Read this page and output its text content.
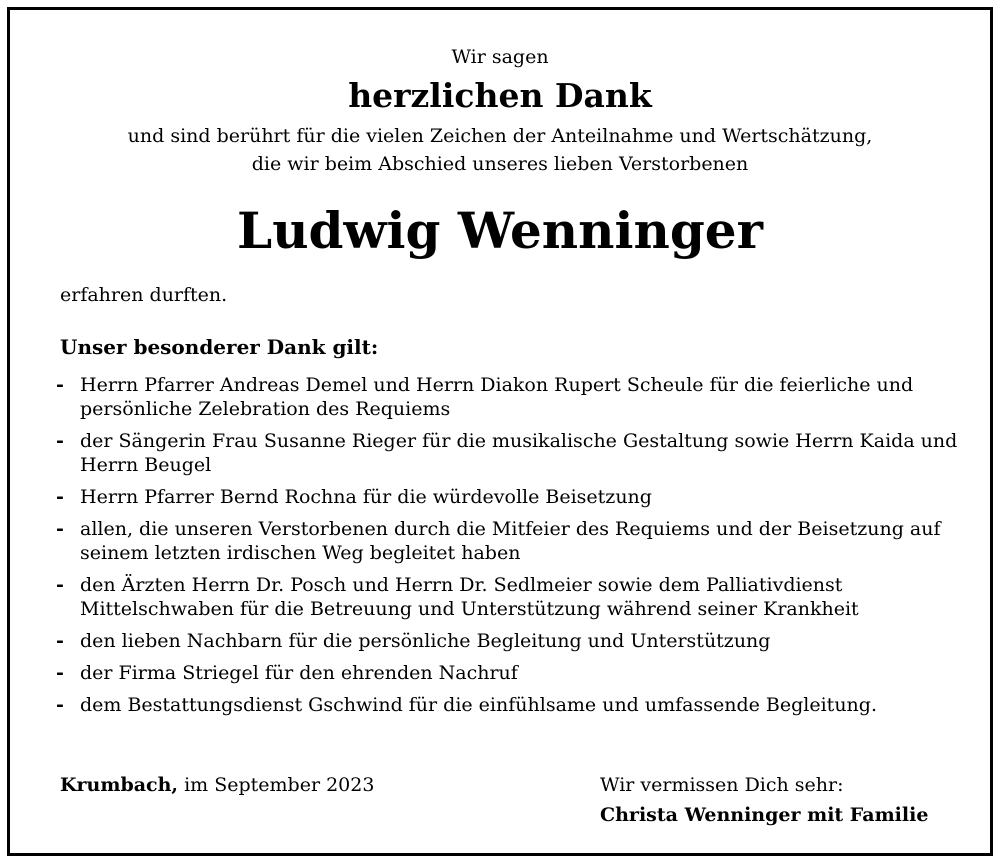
Wir sagen
herzlichen Dank
und sind berührt für die vielen Zeichen der Anteilnahme und Wertschätzung,
die wir beim Abschied unseres lieben Verstorbenen
Ludwig Wenninger
erfahren durften.
Unser besonderer Dank gilt:
- Herrn Pfarrer Andreas Demel und Herrn Diakon Rupert Scheule für die feierliche und persönliche Zelebration des Requiems
- der Sängerin Frau Susanne Rieger für die musikalische Gestaltung sowie Herrn Kaida und Herrn Beugel
- Herrn Pfarrer Bernd Rochna für die würdevolle Beisetzung
- allen, die unseren Verstorbenen durch die Mitfeier des Requiems und der Beisetzung auf seinem letzten irdischen Weg begleitet haben
- den Ärzten Herrn Dr. Posch und Herrn Dr. Sedlmeier sowie dem Palliativdienst Mittelschwaben für die Betreuung und Unterstützung während seiner Krankheit
- den lieben Nachbarn für die persönliche Begleitung und Unterstützung
- der Firma Striegel für den ehrenden Nachruf
- dem Bestattungsdienst Gschwind für die einfühlsame und umfassende Begleitung.
Krumbach, im September 2023	Wir vermissen Dich sehr:
Christa Wenninger mit Familie
